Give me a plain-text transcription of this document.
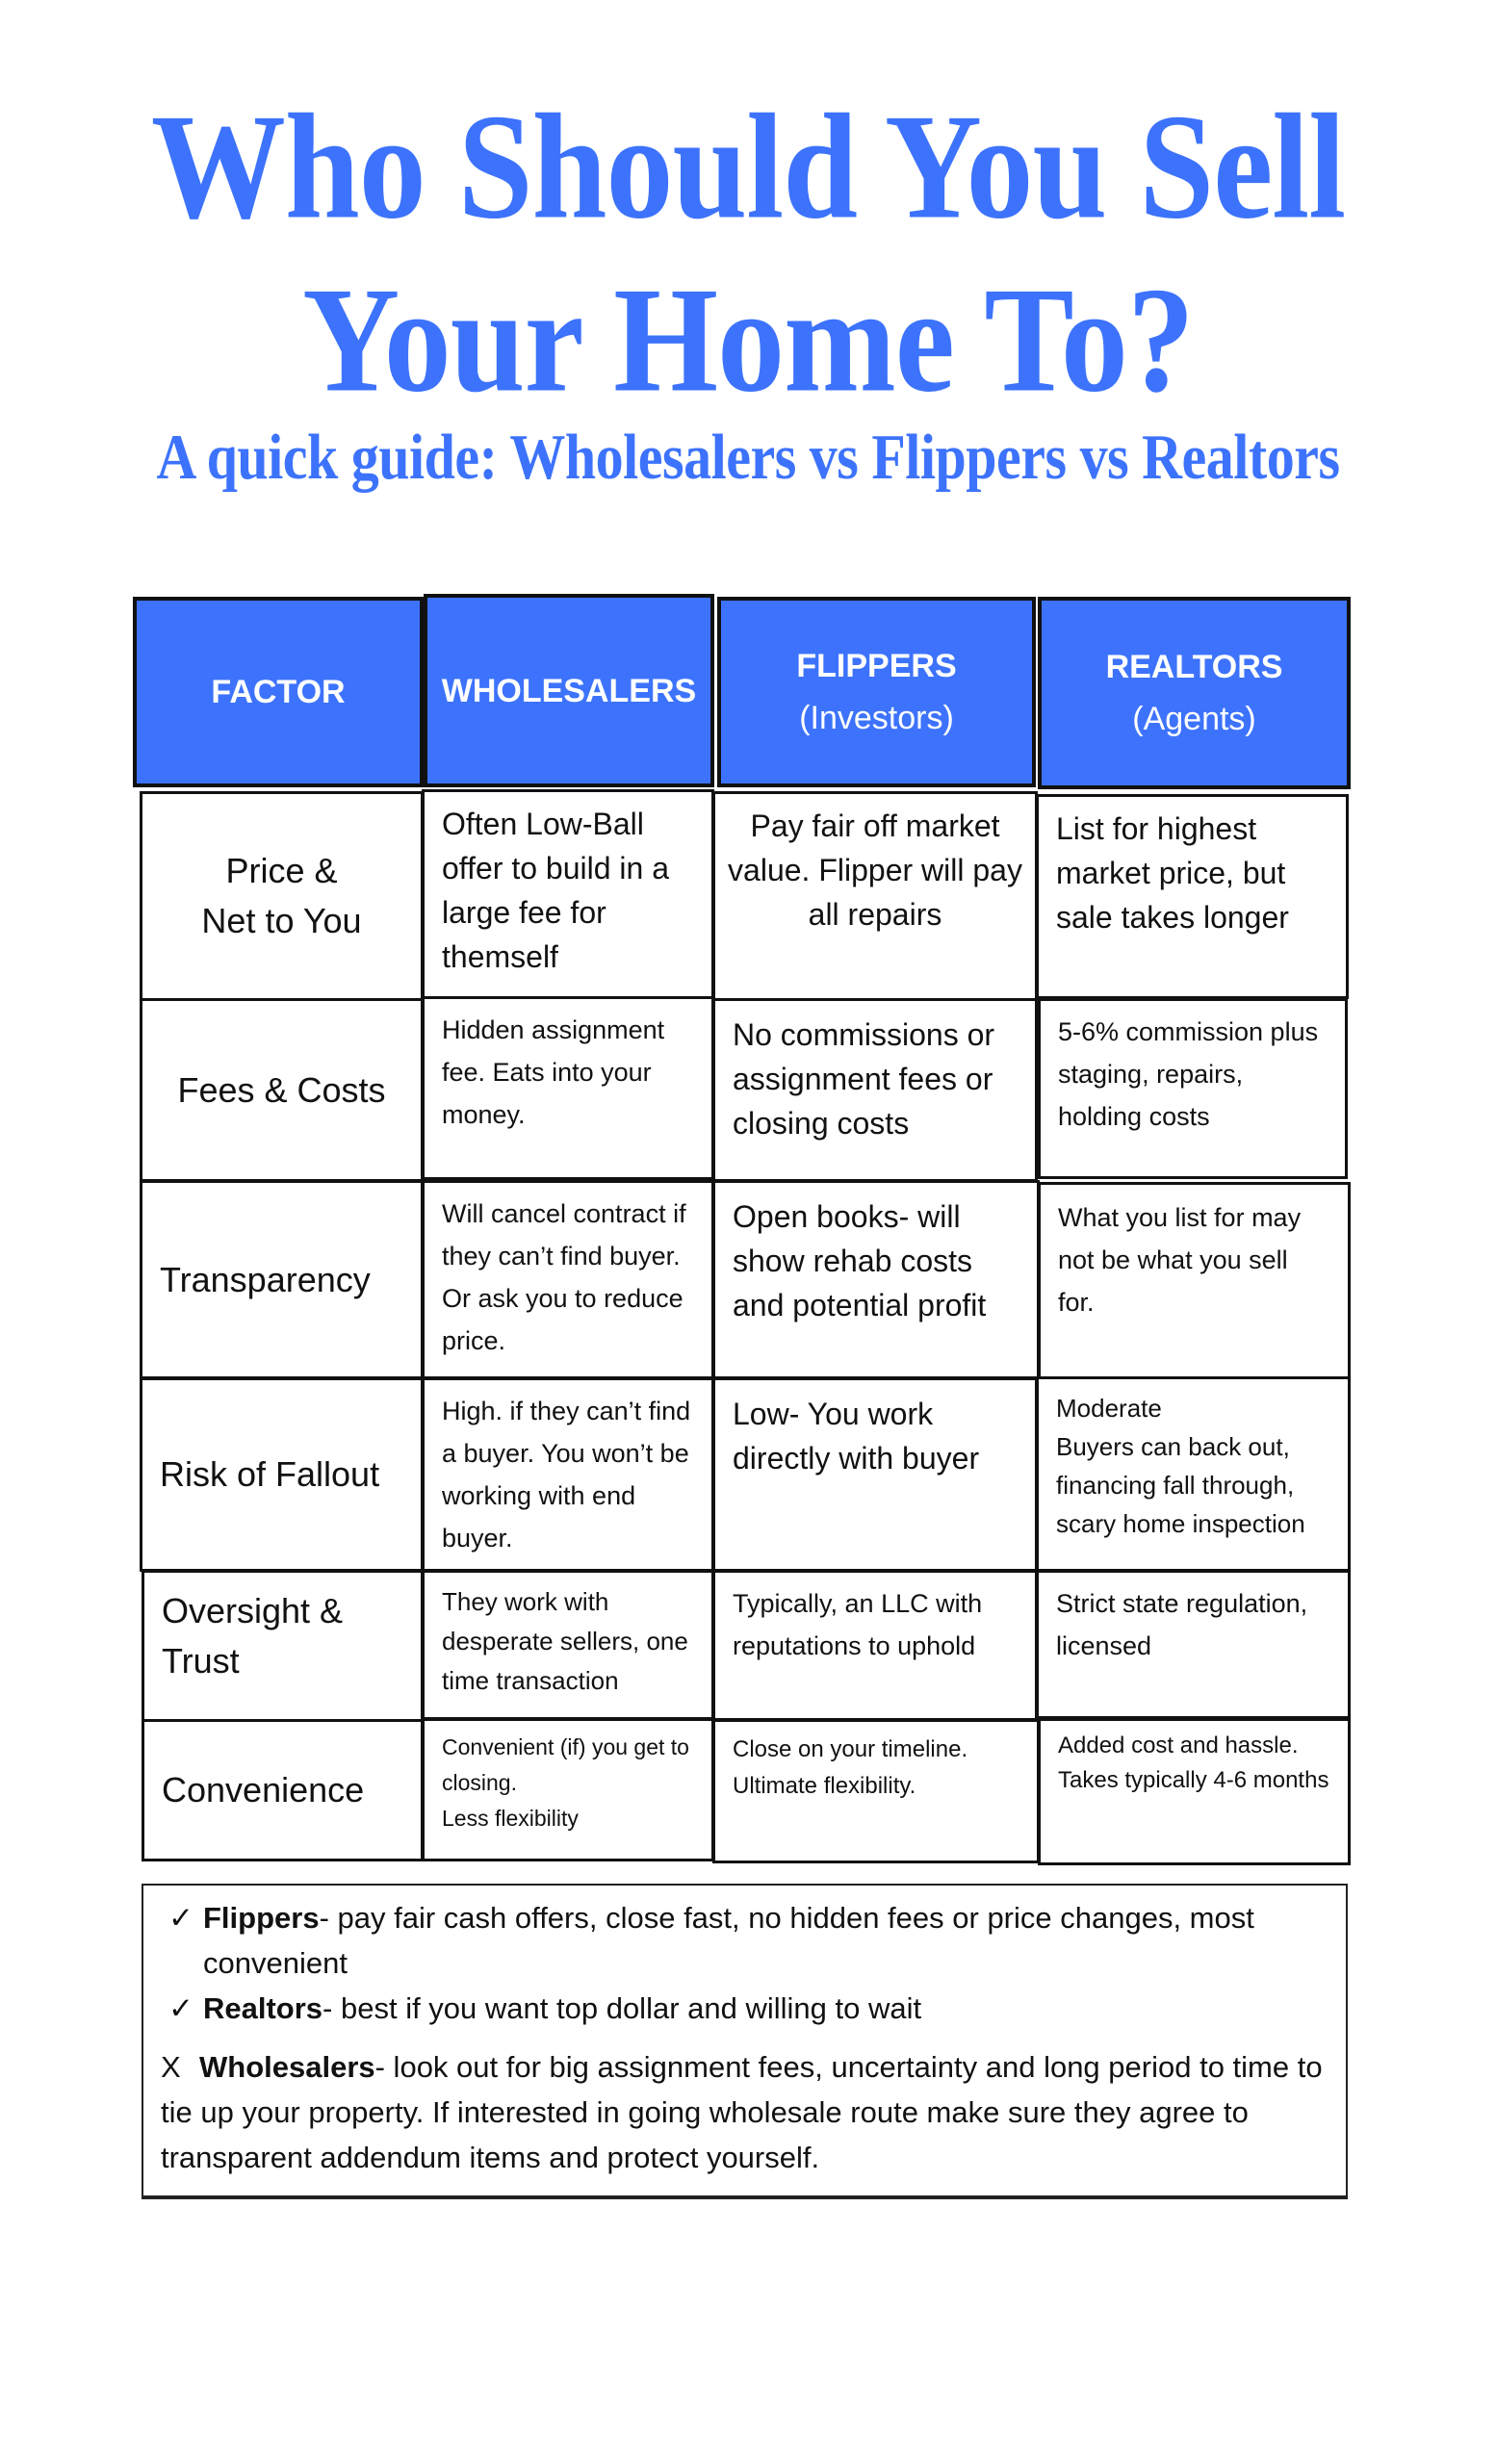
Who Should You Sell
Your Home To?
A quick guide: Wholesalers vs Flippers vs Realtors
FACTOR	WHOLESALERS
FLIPPERS
(Investors)
REALTORS
(Agents)
Price &
Net to You
Often Low-Ball offer to build in a large fee for themself
Pay fair off market value. Flipper will pay all repairs
List for highest market price, but sale takes longer
Fees & Costs
Hidden assignment fee. Eats into your money.
No commissions or assignment fees or closing costs
5-6% commission plus staging, repairs, holding costs
Transparency
Will cancel contract if they can’t find buyer. Or ask you to reduce price.
Open books- will show rehab costs and potential profit
What you list for may not be what you sell for.
Risk of Fallout
High. if they can’t find a buyer. You won’t be working with end buyer.
Low- You work directly with buyer
Moderate
Buyers can back out, financing fall through, scary home inspection
Oversight &
Trust
They work with desperate sellers, one time transaction
Typically, an LLC with reputations to uphold
Strict state regulation, licensed
Convenience
Convenient (if) you get to closing.
Less flexibility
Close on your timeline.
Ultimate flexibility.
Added cost and hassle.
Takes typically 4-6 months
✓ Flippers- pay fair cash offers, close fast, no hidden fees or price changes, most convenient
✓ Realtors- best if you want top dollar and willing to wait
X Wholesalers- look out for big assignment fees, uncertainty and long period to time to tie up your property. If interested in going wholesale route make sure they agree to transparent addendum items and protect yourself.
